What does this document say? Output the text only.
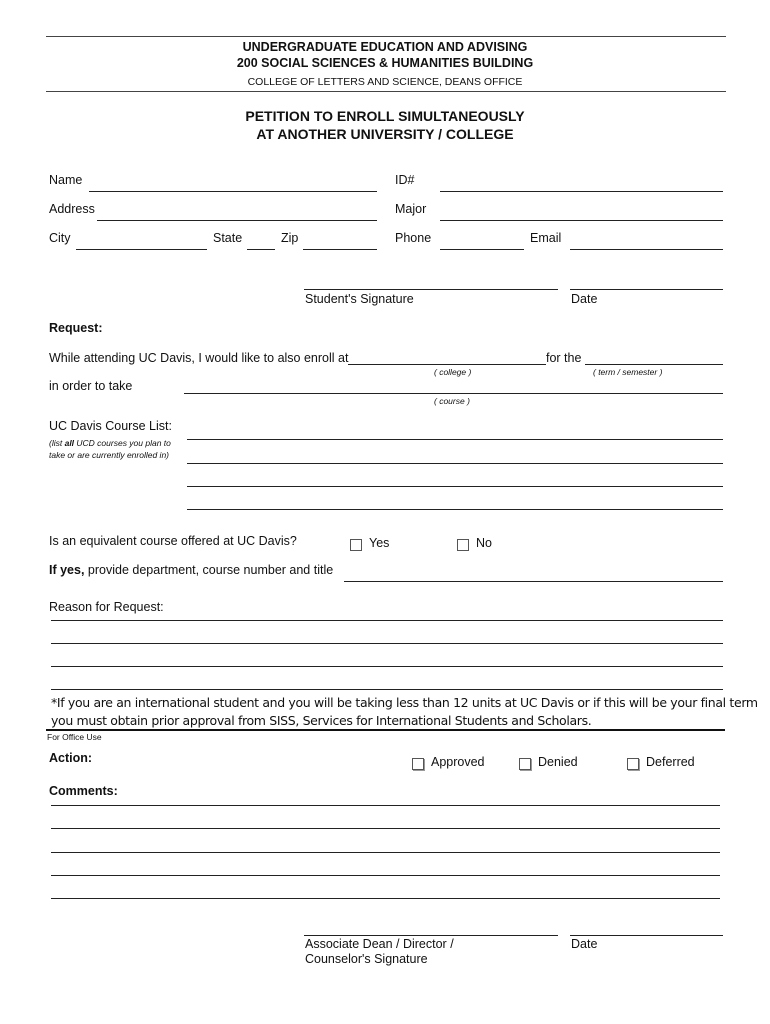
UNDERGRADUATE EDUCATION AND ADVISING
200 SOCIAL SCIENCES & HUMANITIES BUILDING
COLLEGE OF LETTERS AND SCIENCE, DEANS OFFICE
PETITION TO ENROLL SIMULTANEOUSLY
AT ANOTHER UNIVERSITY / COLLEGE
Name	ID#
Address	Major
City	State	Zip	Phone	Email
Student's Signature	Date
Request:
While attending UC Davis, I would like to also enroll at
( college )
for the
( term / semester )
in order to take
( course )
UC Davis Course List:
(list all UCD courses you plan to
take or are currently enrolled in)
Is an equivalent course offered at UC Davis?	Yes	No
If yes, provide department, course number and title
Reason for Request:
*If you are an international student and you will be taking less than 12 units at UC Davis or if this will be your final term
you must obtain prior approval from SISS, Services for International Students and Scholars.
For Office Use
Action:	Approved	Denied	Deferred
Comments:
Associate Dean / Director /
Counselor's Signature
Date
